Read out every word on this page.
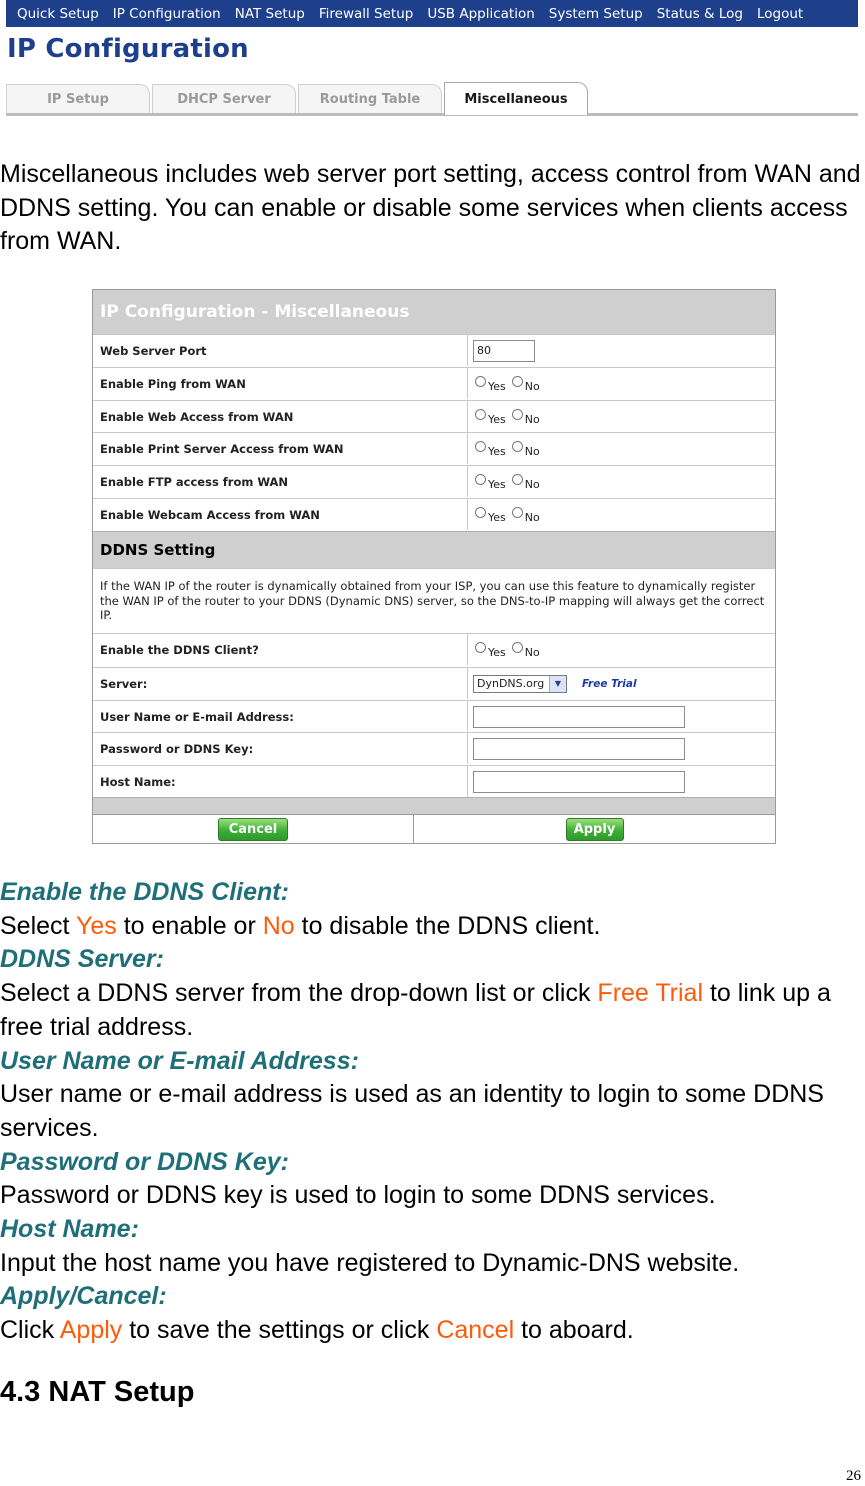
Quick Setup	IP Configuration	NAT Setup	Firewall Setup	USB Application	System Setup	Status & Log	Logout
IP Configuration
IP Setup	DHCP Server	Routing Table	Miscellaneous
Miscellaneous includes web server port setting, access control from WAN and DDNS setting. You can enable or disable some services when clients access from WAN.
IP Configuration - Miscellaneous
Web Server Port	80
Enable Ping from WAN	Yes No
Enable Web Access from WAN	Yes No
Enable Print Server Access from WAN	Yes No
Enable FTP access from WAN	Yes No
Enable Webcam Access from WAN	Yes No
DDNS Setting
If the WAN IP of the router is dynamically obtained from your ISP, you can use this feature to dynamically register the WAN IP of the router to your DDNS (Dynamic DNS) server, so the DNS-to-IP mapping will always get the correct IP.
Enable the DDNS Client?	Yes No
Server:	DynDNS.org	▼	Free Trial
User Name or E-mail Address:
Password or DDNS Key:
Host Name:
Cancel	Apply
Enable the DDNS Client:
Select Yes to enable or No to disable the DDNS client.
DDNS Server:
Select a DDNS server from the drop-down list or click Free Trial to link up a free trial address.
User Name or E-mail Address:
User name or e-mail address is used as an identity to login to some DDNS services.
Password or DDNS Key:
Password or DDNS key is used to login to some DDNS services.
Host Name:
Input the host name you have registered to Dynamic-DNS website.
Apply/Cancel:
Click Apply to save the settings or click Cancel to aboard.
4.3 NAT Setup
26
